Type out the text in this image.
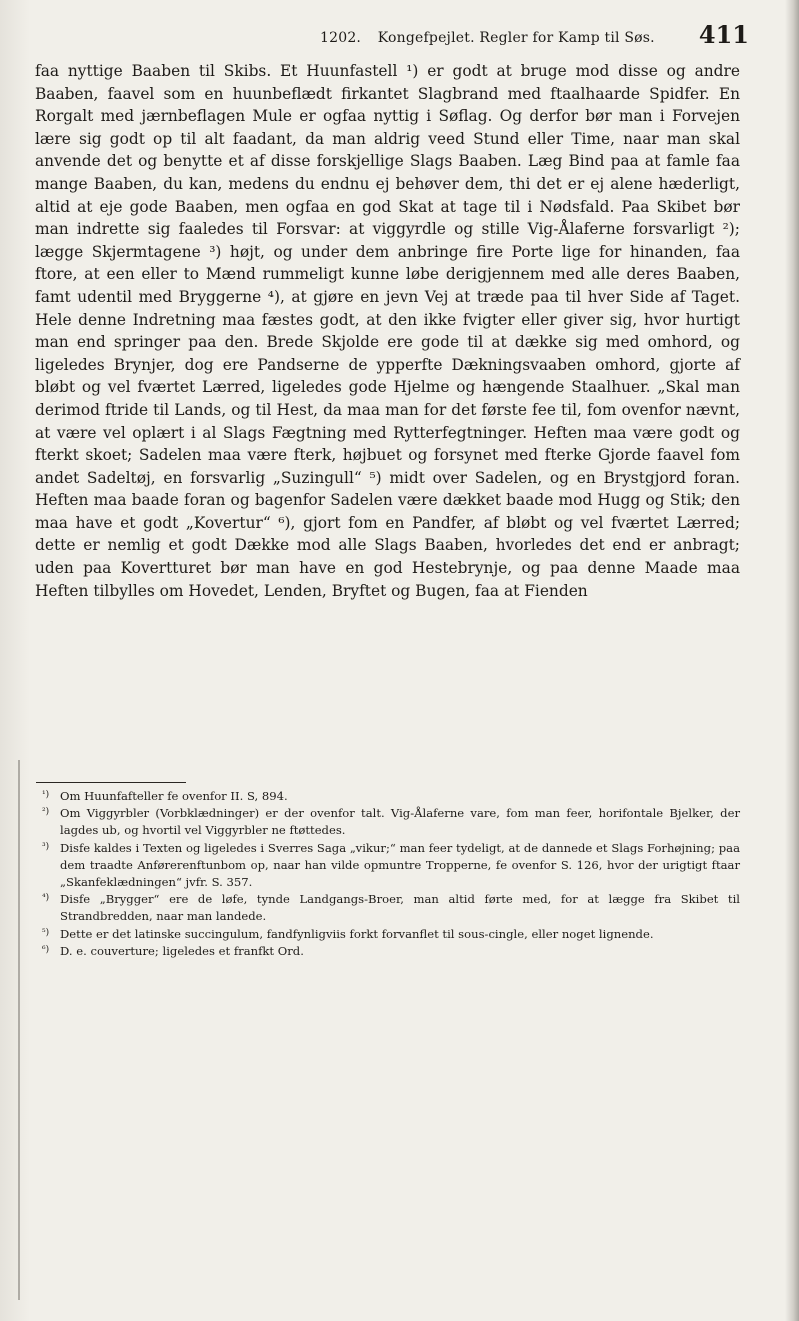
1202. Kongefpejlet. Regler for Kamp til Søs. 411

faa nyttige Baaben til Skibs. Et Huunfastell ¹) er godt at bruge mod disse og andre Baaben, faavel som en huunbeflædt firkantet Slagbrand med ftaalhaarde Spidfer. En Rorgalt med jærnbeflagen Mule er ogfaa nyttig i Søflag. Og derfor bør man i Forvejen lære sig godt op til alt faadant, da man aldrig veed Stund eller Time, naar man skal anvende det og benytte et af disse forskjellige Slags Baaben. Læg Bind paa at famle faa mange Baaben, du kan, medens du endnu ej behøver dem, thi det er ej alene hæderligt, altid at eje gode Baaben, men ogfaa en god Skat at tage til i Nødsfald. Paa Skibet bør man indrette sig faaledes til Forsvar: at viggyrdle og stille Vig-Ålaferne forsvarligt ²); lægge Skjermtagene ³) højt, og under dem anbringe fire Porte lige for hinanden, faa ftore, at een eller to Mænd rummeligt kunne løbe derigjennem med alle deres Baaben, famt udentil med Bryggerne ⁴), at gjøre en jevn Vej at træde paa til hver Side af Taget. Hele denne Indretning maa fæstes godt, at den ikke fvigter eller giver sig, hvor hurtigt man end springer paa den. Brede Skjolde ere gode til at dække sig med omhord, og ligeledes Brynjer, dog ere Pandserne de ypperfte Dækningsvaaben omhord, gjorte af bløbt og vel fværtet Lærred, ligeledes gode Hjelme og hængende Staalhuer. „Skal man derimod ftride til Lands, og til Hest, da maa man for det første fee til, fom ovenfor nævnt, at være vel oplært i al Slags Fægtning med Rytterfegtninger. Heften maa være godt og fterkt skoet; Sadelen maa være fterk, højbuet og forsynet med fterke Gjorde faavel fom andet Sadeltøj, en forsvarlig „Suzingull“ ⁵) midt over Sadelen, og en Brystgjord foran. Heften maa baade foran og bagenfor Sadelen være dækket baade mod Hugg og Stik; den maa have et godt „Kovertur“ ⁶), gjort fom en Pandfer, af bløbt og vel fværtet Lærred; dette er nemlig et godt Dække mod alle Slags Baaben, hvorledes det end er anbragt; uden paa Kovertturet bør man have en god Hestebrynje, og paa denne Maade maa Heften tilbylles om Hovedet, Lenden, Bryftet og Bugen, faa at Fienden

¹) Om Huunfafteller fe ovenfor II. S, 894.

²) Om Viggyrbler (Vorbklædninger) er der ovenfor talt. Vig-Ålaferne vare, fom man feer, horifontale Bjelker, der lagdes ub, og hvortil vel Viggyrbler ne ftøttedes.

³) Disfe kaldes i Texten og ligeledes i Sverres Saga „vikur;“ man feer tydeligt, at de dannede et Slags Forhøjning; paa dem traadte Anførerenftunbom op, naar han vilde opmuntre Tropperne, fe ovenfor S. 126, hvor der urigtigt ftaar „Skanfeklædningen“ jvfr. S. 357.

⁴) Disfe „Brygger“ ere de løfe, tynde Landgangs-Broer, man altid førte med, for at lægge fra Skibet til Strandbredden, naar man landede.

⁵) Dette er det latinske succingulum, fandfynligviis forkt forvanflet til sous-cingle, eller noget lignende.

⁶) D. e. couverture; ligeledes et franfkt Ord.
